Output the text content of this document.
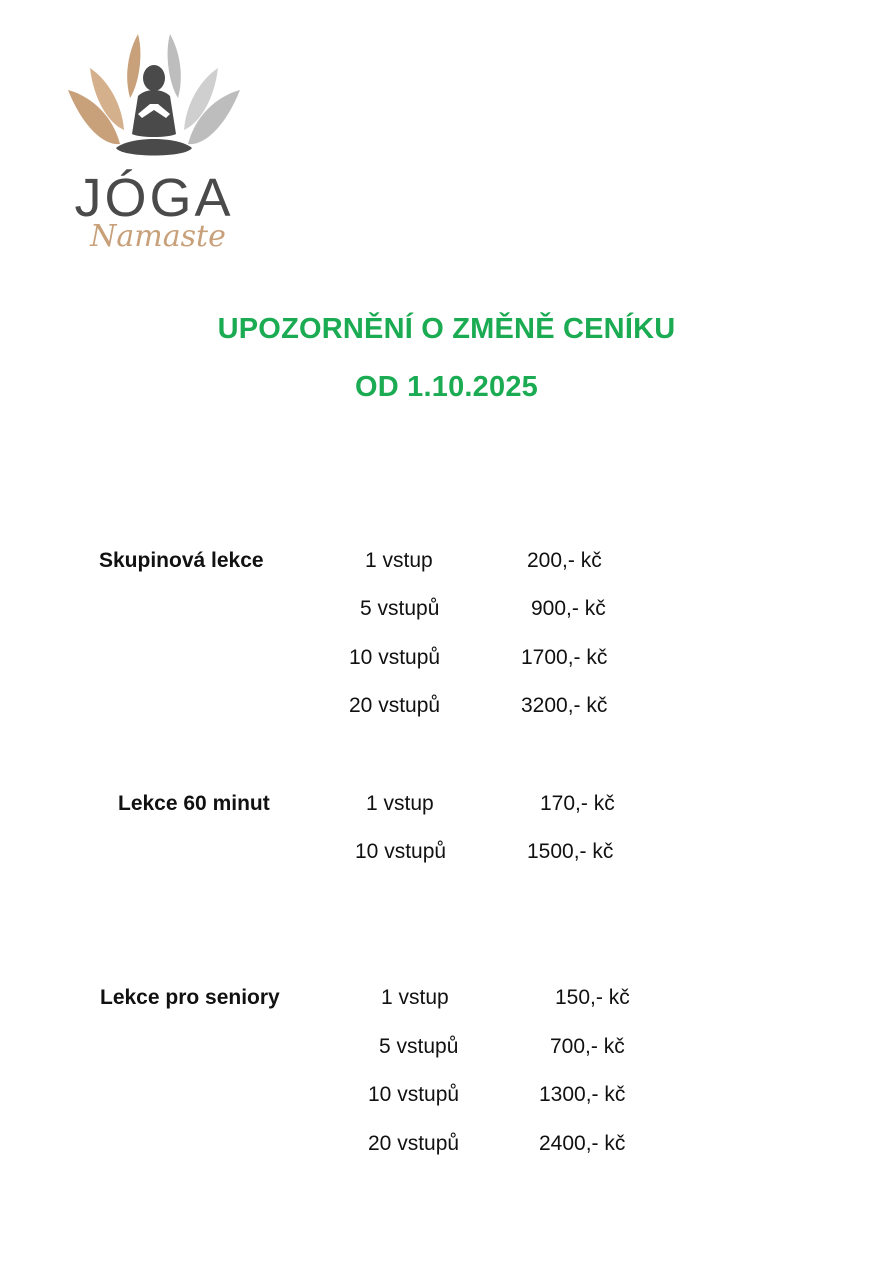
JÓGA
Namaste
UPOZORNĚNÍ O ZMĚNĚ CENÍKU
OD 1.10.2025
Skupinová lekce	1 vstup	200,- kč
5 vstupů	900,- kč
10 vstupů	1700,- kč
20 vstupů	3200,- kč
Lekce 60 minut	1 vstup	170,- kč
10 vstupů	1500,- kč
Lekce pro seniory	1 vstup	150,- kč
5 vstupů	700,- kč
10 vstupů	1300,- kč
20 vstupů	2400,- kč
